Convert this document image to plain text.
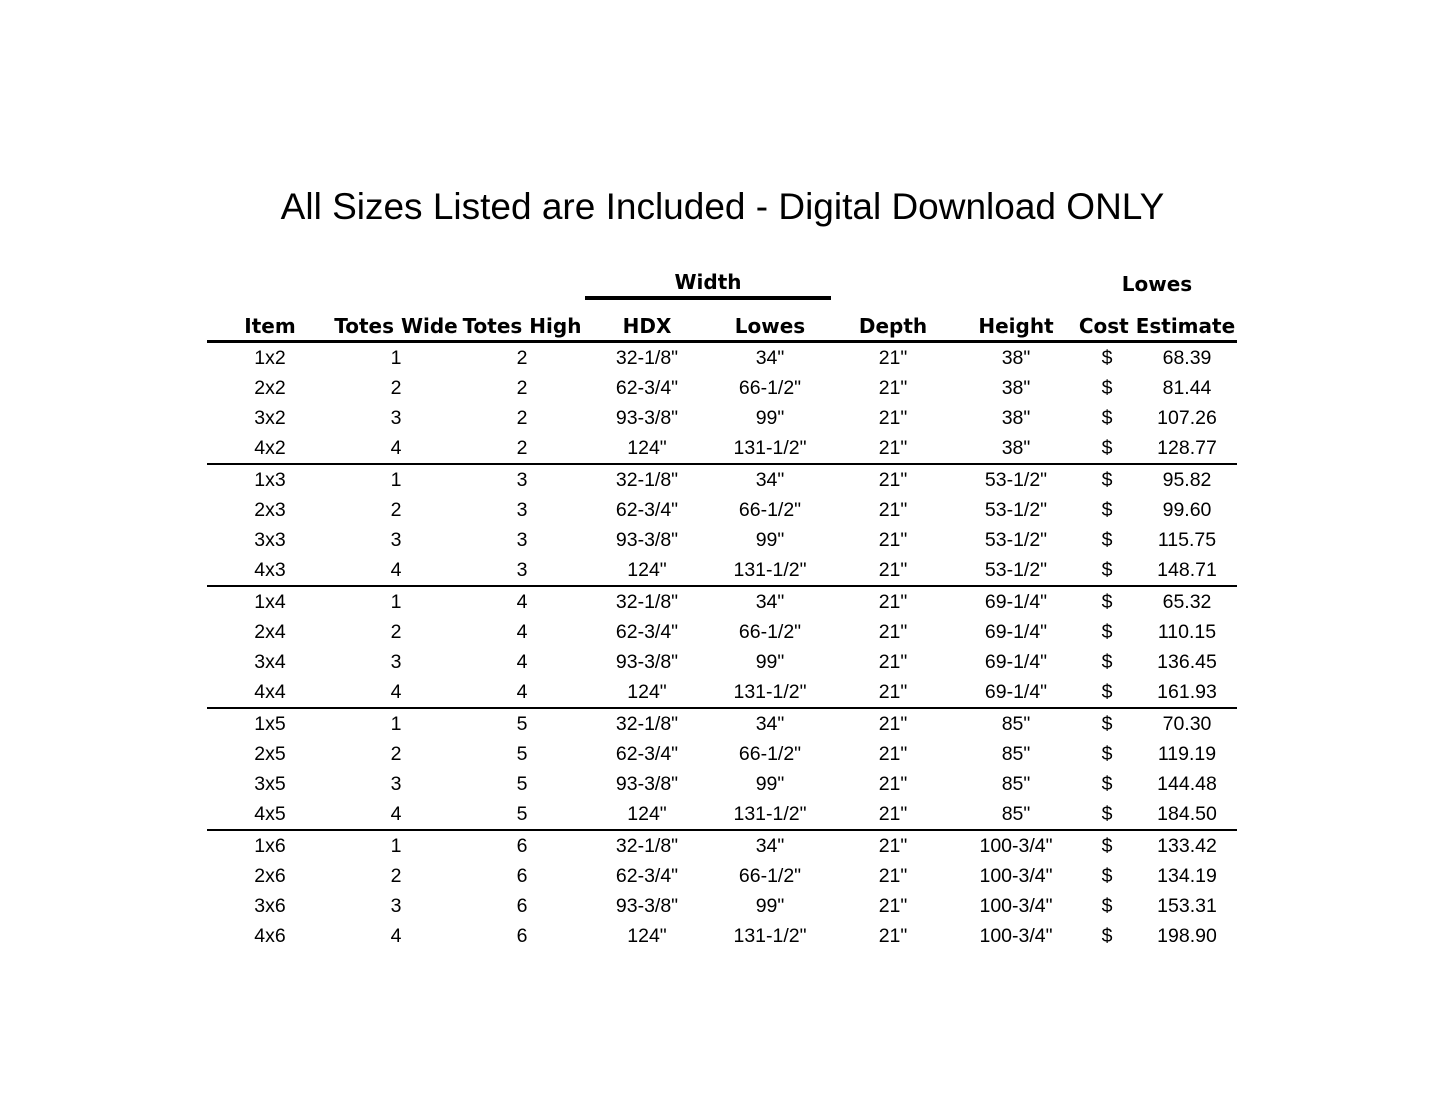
All Sizes Listed are Included - Digital Download ONLY
			Width				Lowes	
Item	Totes Wide	Totes High	HDX	Lowes	Depth	Height	Cost Estimate	
1x2	1	2	32-1/8"	34"	21"	38"	$	68.39
2x2	2	2	62-3/4"	66-1/2"	21"	38"	$	81.44
3x2	3	2	93-3/8"	99"	21"	38"	$	107.26
4x2	4	2	124"	131-1/2"	21"	38"	$	128.77
1x3	1	3	32-1/8"	34"	21"	53-1/2"	$	95.82
2x3	2	3	62-3/4"	66-1/2"	21"	53-1/2"	$	99.60
3x3	3	3	93-3/8"	99"	21"	53-1/2"	$	115.75
4x3	4	3	124"	131-1/2"	21"	53-1/2"	$	148.71
1x4	1	4	32-1/8"	34"	21"	69-1/4"	$	65.32
2x4	2	4	62-3/4"	66-1/2"	21"	69-1/4"	$	110.15
3x4	3	4	93-3/8"	99"	21"	69-1/4"	$	136.45
4x4	4	4	124"	131-1/2"	21"	69-1/4"	$	161.93
1x5	1	5	32-1/8"	34"	21"	85"	$	70.30
2x5	2	5	62-3/4"	66-1/2"	21"	85"	$	119.19
3x5	3	5	93-3/8"	99"	21"	85"	$	144.48
4x5	4	5	124"	131-1/2"	21"	85"	$	184.50
1x6	1	6	32-1/8"	34"	21"	100-3/4"	$	133.42
2x6	2	6	62-3/4"	66-1/2"	21"	100-3/4"	$	134.19
3x6	3	6	93-3/8"	99"	21"	100-3/4"	$	153.31
4x6	4	6	124"	131-1/2"	21"	100-3/4"	$	198.90
